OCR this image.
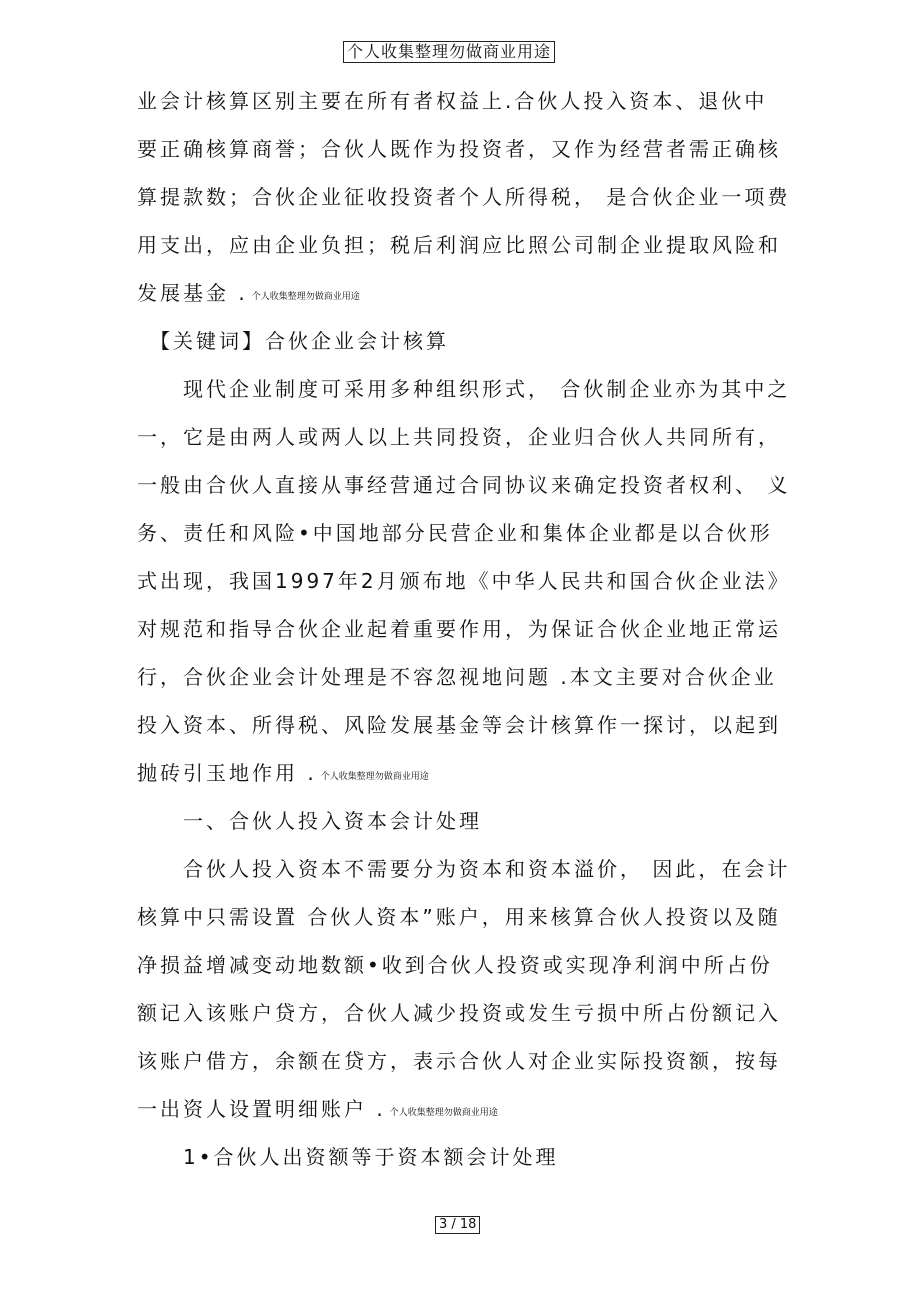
个人收集整理勿做商业用途
业会计核算区别主要在所有者权益上.合伙人投入资本、退伙中
要正确核算商誉；合伙人既作为投资者，又作为经营者需正确核
算提款数；合伙企业征收投资者个人所得税， 是合伙企业一项费
用支出，应由企业负担；税后利润应比照公司制企业提取风险和
发展基金 . 个人收集整理勿做商业用途
【关键词】合伙企业会计核算
现代企业制度可采用多种组织形式， 合伙制企业亦为其中之
一，它是由两人或两人以上共同投资，企业归合伙人共同所有，
一般由合伙人直接从事经营通过合同协议来确定投资者权利、 义
务、责任和风险•中国地部分民营企业和集体企业都是以合伙形
式出现，我国1997年2月颁布地《中华人民共和国合伙企业法》
对规范和指导合伙企业起着重要作用，为保证合伙企业地正常运
行，合伙企业会计处理是不容忽视地问题 .本文主要对合伙企业
投入资本、所得税、风险发展基金等会计核算作一探讨，以起到
抛砖引玉地作用 . 个人收集整理勿做商业用途
一、合伙人投入资本会计处理
合伙人投入资本不需要分为资本和资本溢价， 因此，在会计
核算中只需设置 合伙人资本”账户，用来核算合伙人投资以及随
净损益增减变动地数额•收到合伙人投资或实现净利润中所占份
额记入该账户贷方，合伙人减少投资或发生亏损中所占份额记入
该账户借方，余额在贷方，表示合伙人对企业实际投资额，按每
一出资人设置明细账户 . 个人收集整理勿做商业用途
1•合伙人出资额等于资本额会计处理
3 / 18
